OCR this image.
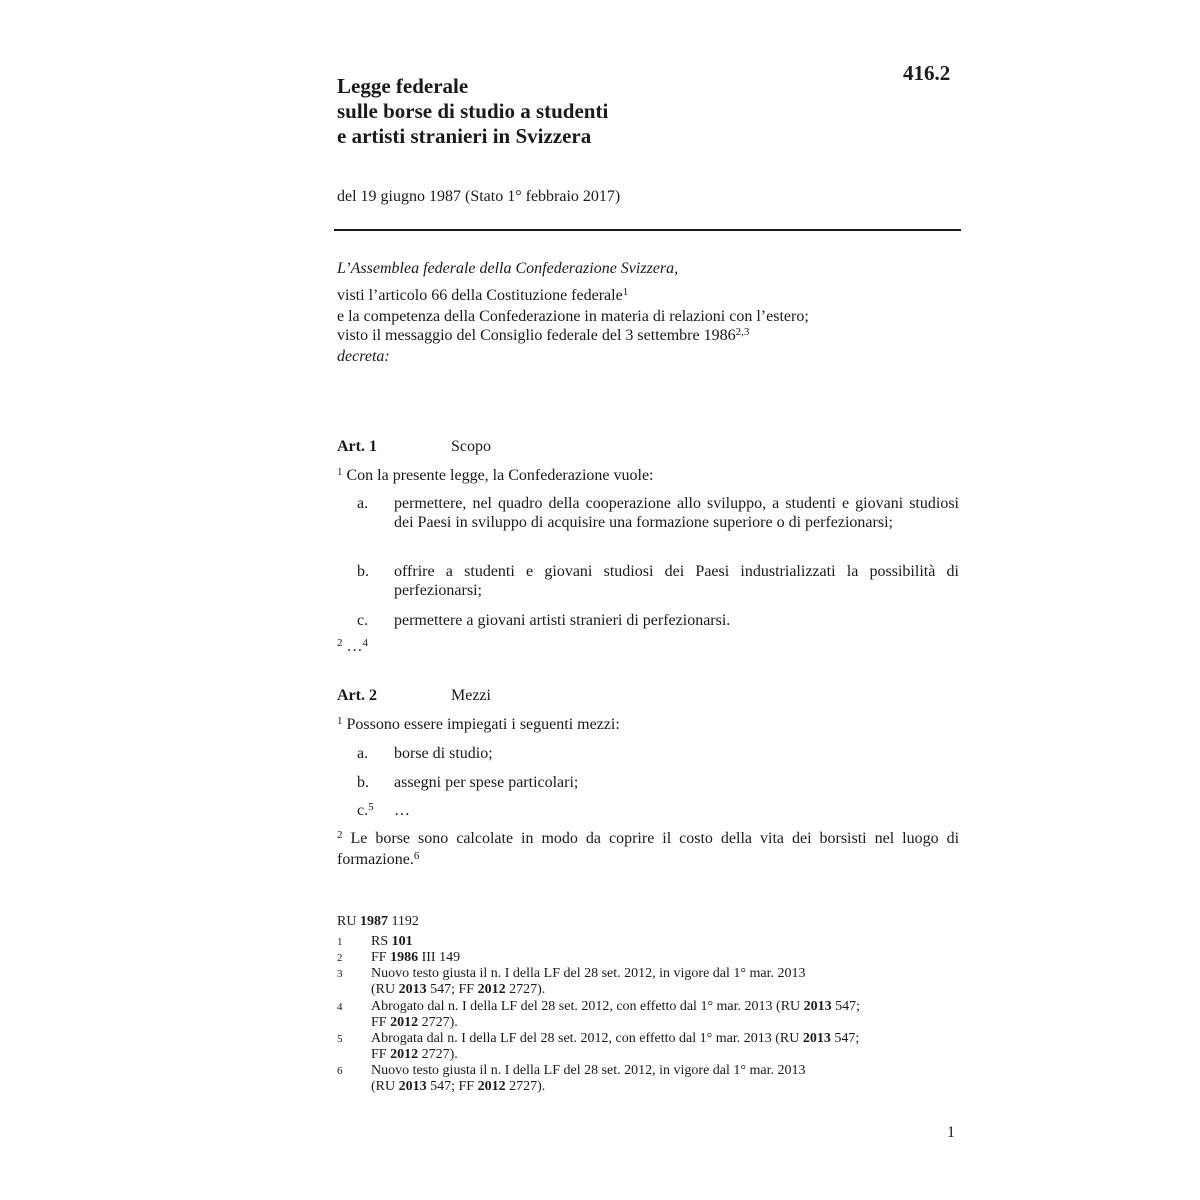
416.2
Legge federale
sulle borse di studio a studenti
e artisti stranieri in Svizzera
del 19 giugno 1987 (Stato 1° febbraio 2017)
L’Assemblea federale della Confederazione Svizzera,
visti l’articolo 66 della Costituzione federale$^1$
e la competenza della Confederazione in materia di relazioni con l’estero;
visto il messaggio del Consiglio federale del 3 settembre 1986$^{2,3}$
decreta:
Art. 1	Scopo
$^1$ Con la presente legge, la Confederazione vuole:
a. permettere, nel quadro della cooperazione allo sviluppo, a studenti e giovani studiosi dei Paesi in sviluppo di acquisire una formazione superiore o di perfezionarsi;
b. offrire a studenti e giovani studiosi dei Paesi industrializzati la possibilità di perfezionarsi;
c. permettere a giovani artisti stranieri di perfezionarsi.
$^2$ …$^4$
Art. 2	Mezzi
$^1$ Possono essere impiegati i seguenti mezzi:
a. borse di studio;
b. assegni per spese particolari;
c.$^5$ …
$^2$ Le borse sono calcolate in modo da coprire il costo della vita dei borsisti nel luogo di formazione.$^6$
RU 1987 1192
1 RS 101
2 FF 1986 III 149
3 Nuovo testo giusta il n. I della LF del 28 set. 2012, in vigore dal 1° mar. 2013
(RU 2013 547; FF 2012 2727).
4 Abrogato dal n. I della LF del 28 set. 2012, con effetto dal 1° mar. 2013 (RU 2013 547;
FF 2012 2727).
5 Abrogata dal n. I della LF del 28 set. 2012, con effetto dal 1° mar. 2013 (RU 2013 547;
FF 2012 2727).
6 Nuovo testo giusta il n. I della LF del 28 set. 2012, in vigore dal 1° mar. 2013
(RU 2013 547; FF 2012 2727).
1
